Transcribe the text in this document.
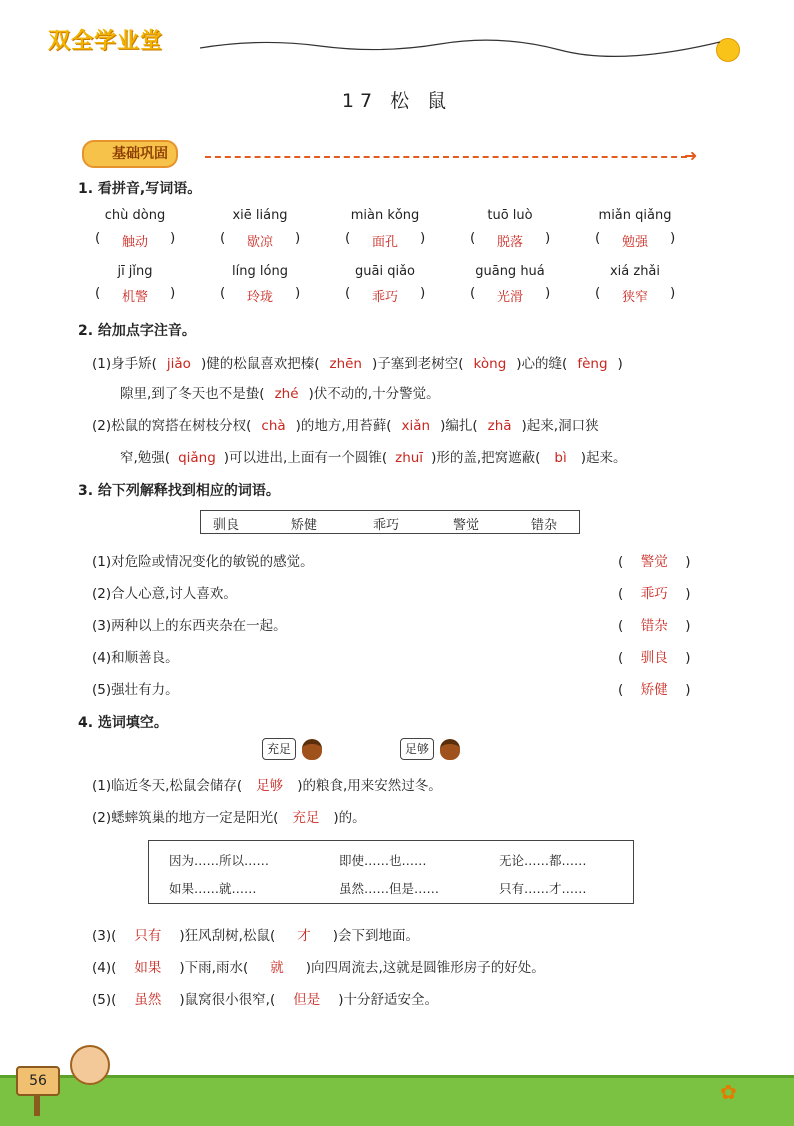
双全学业堂
17 松 鼠
基础巩固	➜
1. 看拼音,写词语。
chù dòng	xiē liáng	miàn kǒng	tuō luò	miǎn qiǎng
(	)	(	)	(	)	(	)	(	)
触动	歇凉	面孔	脱落	勉强
jī jǐng	líng lóng	guāi qiǎo	guāng huá	xiá zhǎi
(	)	(	)	(	)	(	)	(	)
机警	玲珑	乖巧	光滑	狭窄
2. 给加点字注音。
(1)身手矫( jiǎo )健的松鼠喜欢把榛( zhēn )子塞到老树空( kòng )心的缝( fèng )
隙里,到了冬天也不是蛰( zhé )伏不动的,十分警觉。
(2)松鼠的窝搭在树枝分杈( chà )的地方,用苔藓( xiǎn )编扎( zhā )起来,洞口狭
窄,勉强( qiǎng )可以进出,上面有一个圆锥( zhuī )形的盖,把窝遮蔽( bì )起来。
3. 给下列解释找到相应的词语。
驯良	矫健	乖巧	警觉	错杂
(1)对危险或情况变化的敏锐的感觉。	( 警觉 )
(2)合人心意,讨人喜欢。	( 乖巧 )
(3)两种以上的东西夹杂在一起。	( 错杂 )
(4)和顺善良。	( 驯良 )
(5)强壮有力。	( 矫健 )
4. 选词填空。
充足	足够
(1)临近冬天,松鼠会储存( 足够 )的粮食,用来安然过冬。
(2)蟋蟀筑巢的地方一定是阳光( 充足 )的。
因为……所以……	即使……也……	无论……都……
如果……就……	虽然……但是……	只有……才……
(3)( 只有 )狂风刮树,松鼠( 才 )会下到地面。
(4)( 如果 )下雨,雨水( 就 )向四周流去,这就是圆锥形房子的好处。
(5)( 虽然 )鼠窝很小很窄,( 但是 )十分舒适安全。
56	✿
